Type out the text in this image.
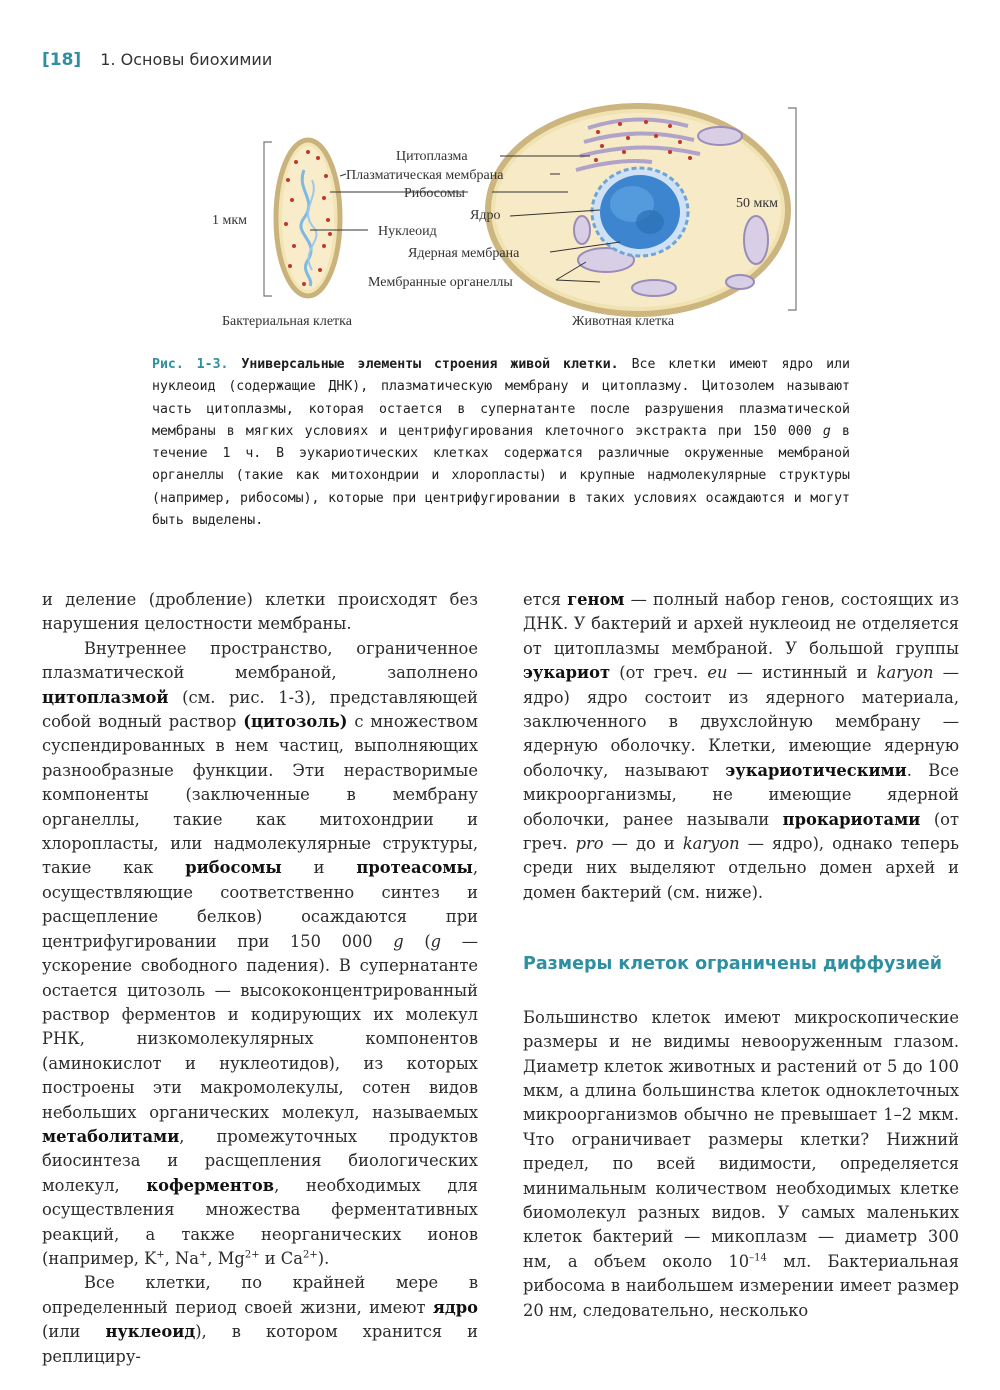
[18] 1. Основы биохимии
Цитоплазма
Плазматическая мембрана
Рибосомы
Ядро
Нуклеоид
Ядерная мембрана
Мембранные органеллы
1 мкм
50 мкм
Бактериальная клетка	Животная клетка
Рис. 1-3. Универсальные элементы строения живой клетки. Все клетки имеют ядро или нуклеоид (содержащие ДНК), плазматическую мембрану и цитоплазму. Цитозолем называют часть цитоплазмы, которая остается в супернатанте после разрушения плазматической мембраны в мягких условиях и центрифугирования клеточного экстракта при 150 000 g в течение 1 ч. В эукариотических клетках содержатся различные окруженные мембраной органеллы (такие как митохондрии и хлоропласты) и крупные надмолекулярные структуры (например, рибосомы), которые при центрифугировании в таких условиях осаждаются и могут быть выделены.

и деление (дробление) клетки происходят без нарушения целостности мембраны.

Внутреннее пространство, ограниченное плазматической мембраной, заполнено цитоплазмой (см. рис. 1-3), представляющей собой водный раствор (цитозоль) с множеством суспендированных в нем частиц, выполняющих разнообразные функции. Эти нерастворимые компоненты (заключенные в мембрану органеллы, такие как митохондрии и хлоропласты, или надмолекулярные структуры, такие как рибосомы и протеасомы, осуществляющие соответственно синтез и расщепление белков) осаждаются при центрифугировании при 150 000 g (g — ускорение свободного падения). В супернатанте остается цитозоль — высококонцентрированный раствор ферментов и кодирующих их молекул РНК, низкомолекулярных компонентов (аминокислот и нуклеотидов), из которых построены эти макромолекулы, сотен видов небольших органических молекул, называемых метаболитами, промежуточных продуктов биосинтеза и расщепления биологических молекул, коферментов, необходимых для осуществления множества ферментативных реакций, а также неорганических ионов (например, K+, Na+, $Mg^{2+}$ и $Ca^{2+}$).

Все клетки, по крайней мере в определенный период своей жизни, имеют ядро (или нуклеоид), в котором хранится и реплициру-

ется геном — полный набор генов, состоящих из ДНК. У бактерий и архей нуклеоид не отделяется от цитоплазмы мембраной. У большой группы эукариот (от греч. eu — истинный и karyon — ядро) ядро состоит из ядерного материала, заключенного в двухслойную мембрану — ядерную оболочку. Клетки, имеющие ядерную оболочку, называют эукариотическими. Все микроорганизмы, не имеющие ядерной оболочки, ранее называли прокариотами (от греч. pro — до и karyon — ядро), однако теперь среди них выделяют отдельно домен архей и домен бактерий (см. ниже).

Размеры клеток ограничены диффузией

Большинство клеток имеют микроскопические размеры и не видимы невооруженным глазом. Диаметр клеток животных и растений от 5 до 100 мкм, а длина большинства клеток одноклеточных микроорганизмов обычно не превышает 1–2 мкм. Что ограничивает размеры клетки? Нижний предел, по всей видимости, определяется минимальным количеством необходимых клетке биомолекул разных видов. У самых маленьких клеток бактерий — микоплазм — диаметр 300 нм, а объем около $10^{-14}$ мл. Бактериальная рибосома в наибольшем измерении имеет размер 20 нм, следовательно, несколько
